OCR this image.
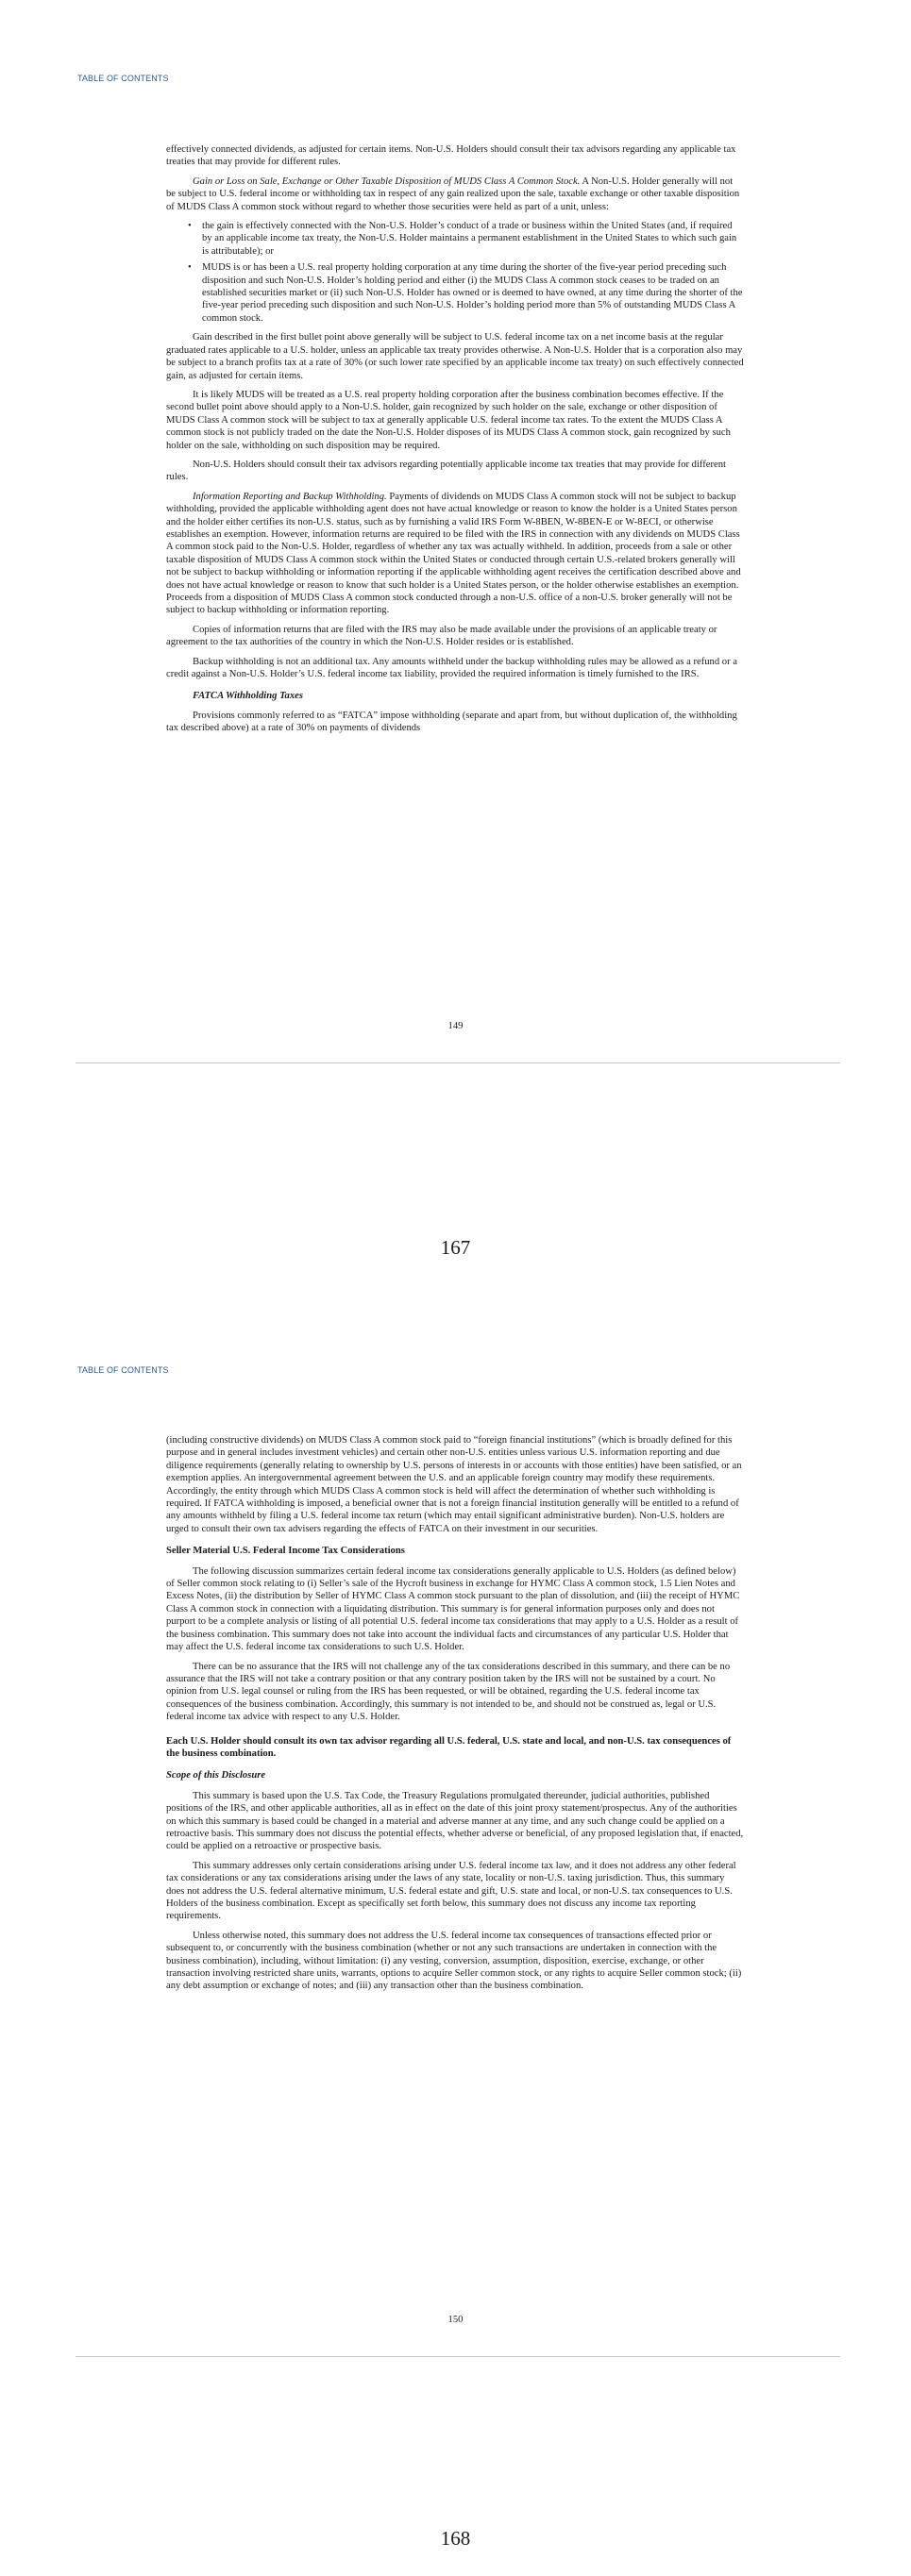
TABLE OF CONTENTS

effectively connected dividends, as adjusted for certain items. Non-U.S. Holders should consult their tax advisors regarding any applicable tax treaties that may provide for different rules.

Gain or Loss on Sale, Exchange or Other Taxable Disposition of MUDS Class A Common Stock. A Non-U.S. Holder generally will not be subject to U.S. federal income or withholding tax in respect of any gain realized upon the sale, taxable exchange or other taxable disposition of MUDS Class A common stock without regard to whether those securities were held as part of a unit, unless:

• the gain is effectively connected with the Non-U.S. Holder’s conduct of a trade or business within the United States (and, if required by an applicable income tax treaty, the Non-U.S. Holder maintains a permanent establishment in the United States to which such gain is attributable); or
• MUDS is or has been a U.S. real property holding corporation at any time during the shorter of the five-year period preceding such disposition and such Non-U.S. Holder’s holding period and either (i) the MUDS Class A common stock ceases to be traded on an established securities market or (ii) such Non-U.S. Holder has owned or is deemed to have owned, at any time during the shorter of the five-year period preceding such disposition and such Non-U.S. Holder’s holding period more than 5% of outstanding MUDS Class A common stock.

Gain described in the first bullet point above generally will be subject to U.S. federal income tax on a net income basis at the regular graduated rates applicable to a U.S. holder, unless an applicable tax treaty provides otherwise. A Non-U.S. Holder that is a corporation also may be subject to a branch profits tax at a rate of 30% (or such lower rate specified by an applicable income tax treaty) on such effectively connected gain, as adjusted for certain items.

It is likely MUDS will be treated as a U.S. real property holding corporation after the business combination becomes effective. If the second bullet point above should apply to a Non-U.S. holder, gain recognized by such holder on the sale, exchange or other disposition of MUDS Class A common stock will be subject to tax at generally applicable U.S. federal income tax rates. To the extent the MUDS Class A common stock is not publicly traded on the date the Non-U.S. Holder disposes of its MUDS Class A common stock, gain recognized by such holder on the sale, withholding on such disposition may be required.

Non-U.S. Holders should consult their tax advisors regarding potentially applicable income tax treaties that may provide for different rules.

Information Reporting and Backup Withholding. Payments of dividends on MUDS Class A common stock will not be subject to backup withholding, provided the applicable withholding agent does not have actual knowledge or reason to know the holder is a United States person and the holder either certifies its non-U.S. status, such as by furnishing a valid IRS Form W-8BEN, W-8BEN-E or W-8ECI, or otherwise establishes an exemption. However, information returns are required to be filed with the IRS in connection with any dividends on MUDS Class A common stock paid to the Non-U.S. Holder, regardless of whether any tax was actually withheld. In addition, proceeds from a sale or other taxable disposition of MUDS Class A common stock within the United States or conducted through certain U.S.-related brokers generally will not be subject to backup withholding or information reporting if the applicable withholding agent receives the certification described above and does not have actual knowledge or reason to know that such holder is a United States person, or the holder otherwise establishes an exemption. Proceeds from a disposition of MUDS Class A common stock conducted through a non-U.S. office of a non-U.S. broker generally will not be subject to backup withholding or information reporting.

Copies of information returns that are filed with the IRS may also be made available under the provisions of an applicable treaty or agreement to the tax authorities of the country in which the Non-U.S. Holder resides or is established.

Backup withholding is not an additional tax. Any amounts withheld under the backup withholding rules may be allowed as a refund or a credit against a Non-U.S. Holder’s U.S. federal income tax liability, provided the required information is timely furnished to the IRS.

FATCA Withholding Taxes

Provisions commonly referred to as “FATCA” impose withholding (separate and apart from, but without duplication of, the withholding tax described above) at a rate of 30% on payments of dividends

149
167
TABLE OF CONTENTS

(including constructive dividends) on MUDS Class A common stock paid to “foreign financial institutions” (which is broadly defined for this purpose and in general includes investment vehicles) and certain other non-U.S. entities unless various U.S. information reporting and due diligence requirements (generally relating to ownership by U.S. persons of interests in or accounts with those entities) have been satisfied, or an exemption applies. An intergovernmental agreement between the U.S. and an applicable foreign country may modify these requirements. Accordingly, the entity through which MUDS Class A common stock is held will affect the determination of whether such withholding is required. If FATCA withholding is imposed, a beneficial owner that is not a foreign financial institution generally will be entitled to a refund of any amounts withheld by filing a U.S. federal income tax return (which may entail significant administrative burden). Non-U.S. holders are urged to consult their own tax advisers regarding the effects of FATCA on their investment in our securities.

Seller Material U.S. Federal Income Tax Considerations

The following discussion summarizes certain federal income tax considerations generally applicable to U.S. Holders (as defined below) of Seller common stock relating to (i) Seller’s sale of the Hycroft business in exchange for HYMC Class A common stock, 1.5 Lien Notes and Excess Notes, (ii) the distribution by Seller of HYMC Class A common stock pursuant to the plan of dissolution, and (iii) the receipt of HYMC Class A common stock in connection with a liquidating distribution. This summary is for general information purposes only and does not purport to be a complete analysis or listing of all potential U.S. federal income tax considerations that may apply to a U.S. Holder as a result of the business combination. This summary does not take into account the individual facts and circumstances of any particular U.S. Holder that may affect the U.S. federal income tax considerations to such U.S. Holder.

There can be no assurance that the IRS will not challenge any of the tax considerations described in this summary, and there can be no assurance that the IRS will not take a contrary position or that any contrary position taken by the IRS will not be sustained by a court. No opinion from U.S. legal counsel or ruling from the IRS has been requested, or will be obtained, regarding the U.S. federal income tax consequences of the business combination. Accordingly, this summary is not intended to be, and should not be construed as, legal or U.S. federal income tax advice with respect to any U.S. Holder.

Each U.S. Holder should consult its own tax advisor regarding all U.S. federal, U.S. state and local, and non-U.S. tax consequences of the business combination.

Scope of this Disclosure

This summary is based upon the U.S. Tax Code, the Treasury Regulations promulgated thereunder, judicial authorities, published positions of the IRS, and other applicable authorities, all as in effect on the date of this joint proxy statement/prospectus. Any of the authorities on which this summary is based could be changed in a material and adverse manner at any time, and any such change could be applied on a retroactive basis. This summary does not discuss the potential effects, whether adverse or beneficial, of any proposed legislation that, if enacted, could be applied on a retroactive or prospective basis.

This summary addresses only certain considerations arising under U.S. federal income tax law, and it does not address any other federal tax considerations or any tax considerations arising under the laws of any state, locality or non-U.S. taxing jurisdiction. Thus, this summary does not address the U.S. federal alternative minimum, U.S. federal estate and gift, U.S. state and local, or non-U.S. tax consequences to U.S. Holders of the business combination. Except as specifically set forth below, this summary does not discuss any income tax reporting requirements.

Unless otherwise noted, this summary does not address the U.S. federal income tax consequences of transactions effected prior or subsequent to, or concurrently with the business combination (whether or not any such transactions are undertaken in connection with the business combination), including, without limitation: (i) any vesting, conversion, assumption, disposition, exercise, exchange, or other transaction involving restricted share units, warrants, options to acquire Seller common stock, or any rights to acquire Seller common stock; (ii) any debt assumption or exchange of notes; and (iii) any transaction other than the business combination.

150
168
